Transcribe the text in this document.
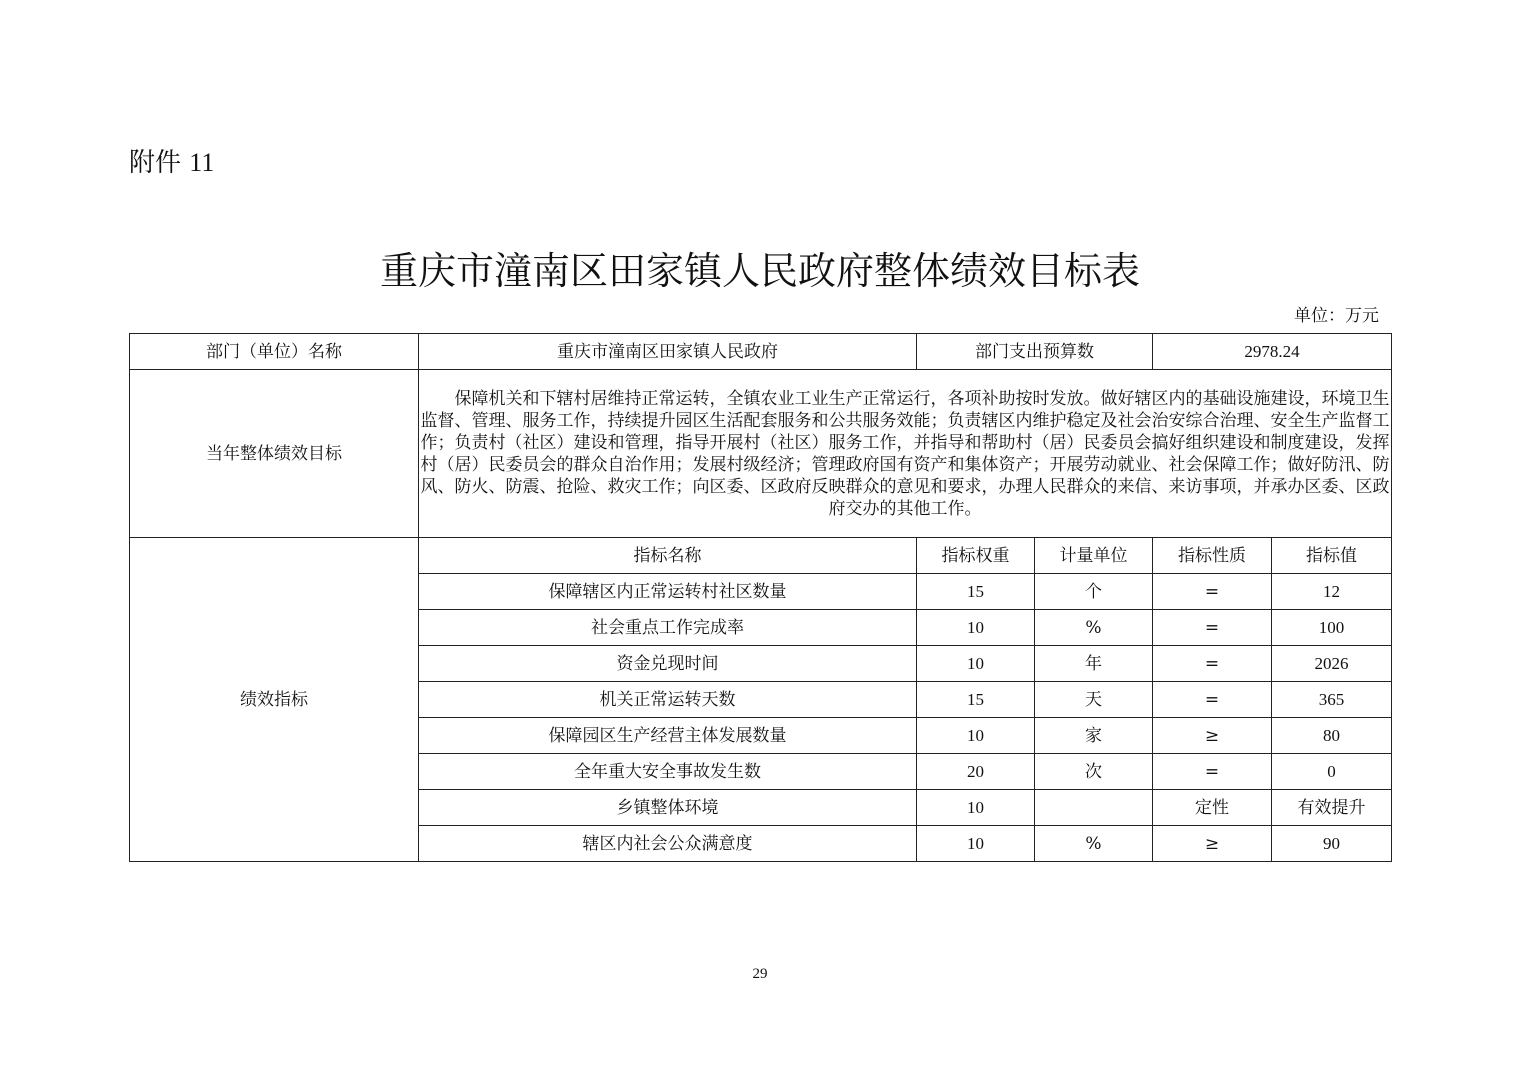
附件 11
重庆市潼南区田家镇人民政府整体绩效目标表
单位：万元
部门（单位）名称	重庆市潼南区田家镇人民政府	部门支出预算数		2978.24	
当年整体绩效目标	保障机关和下辖村居维持正常运转，全镇农业工业生产正常运行，各项补助按时发放。做好辖区内的基础设施建设，环境卫生监督、管理、服务工作，持续提升园区生活配套服务和公共服务效能；负责辖区内维护稳定及社会治安综合治理、安全生产监督工作；负责村（社区）建设和管理，指导开展村（社区）服务工作，并指导和帮助村（居）民委员会搞好组织建设和制度建设，发挥村（居）民委员会的群众自治作用；发展村级经济；管理政府国有资产和集体资产；开展劳动就业、社会保障工作；做好防汛、防风、防火、防震、抢险、救灾工作；向区委、区政府反映群众的意见和要求，办理人民群众的来信、来访事项，并承办区委、区政府交办的其他工作。				
绩效指标	指标名称	指标权重	计量单位	指标性质	指标值
	保障辖区内正常运转村社区数量	15	个	=	12
	社会重点工作完成率	10	%	=	100
	资金兑现时间	10	年	=	2026
	机关正常运转天数	15	天	=	365
	保障园区生产经营主体发展数量	10	家	≥	80
	全年重大安全事故发生数	20	次	=	0
	乡镇整体环境	10		定性	有效提升
	辖区内社会公众满意度	10	%	≥	90
29
